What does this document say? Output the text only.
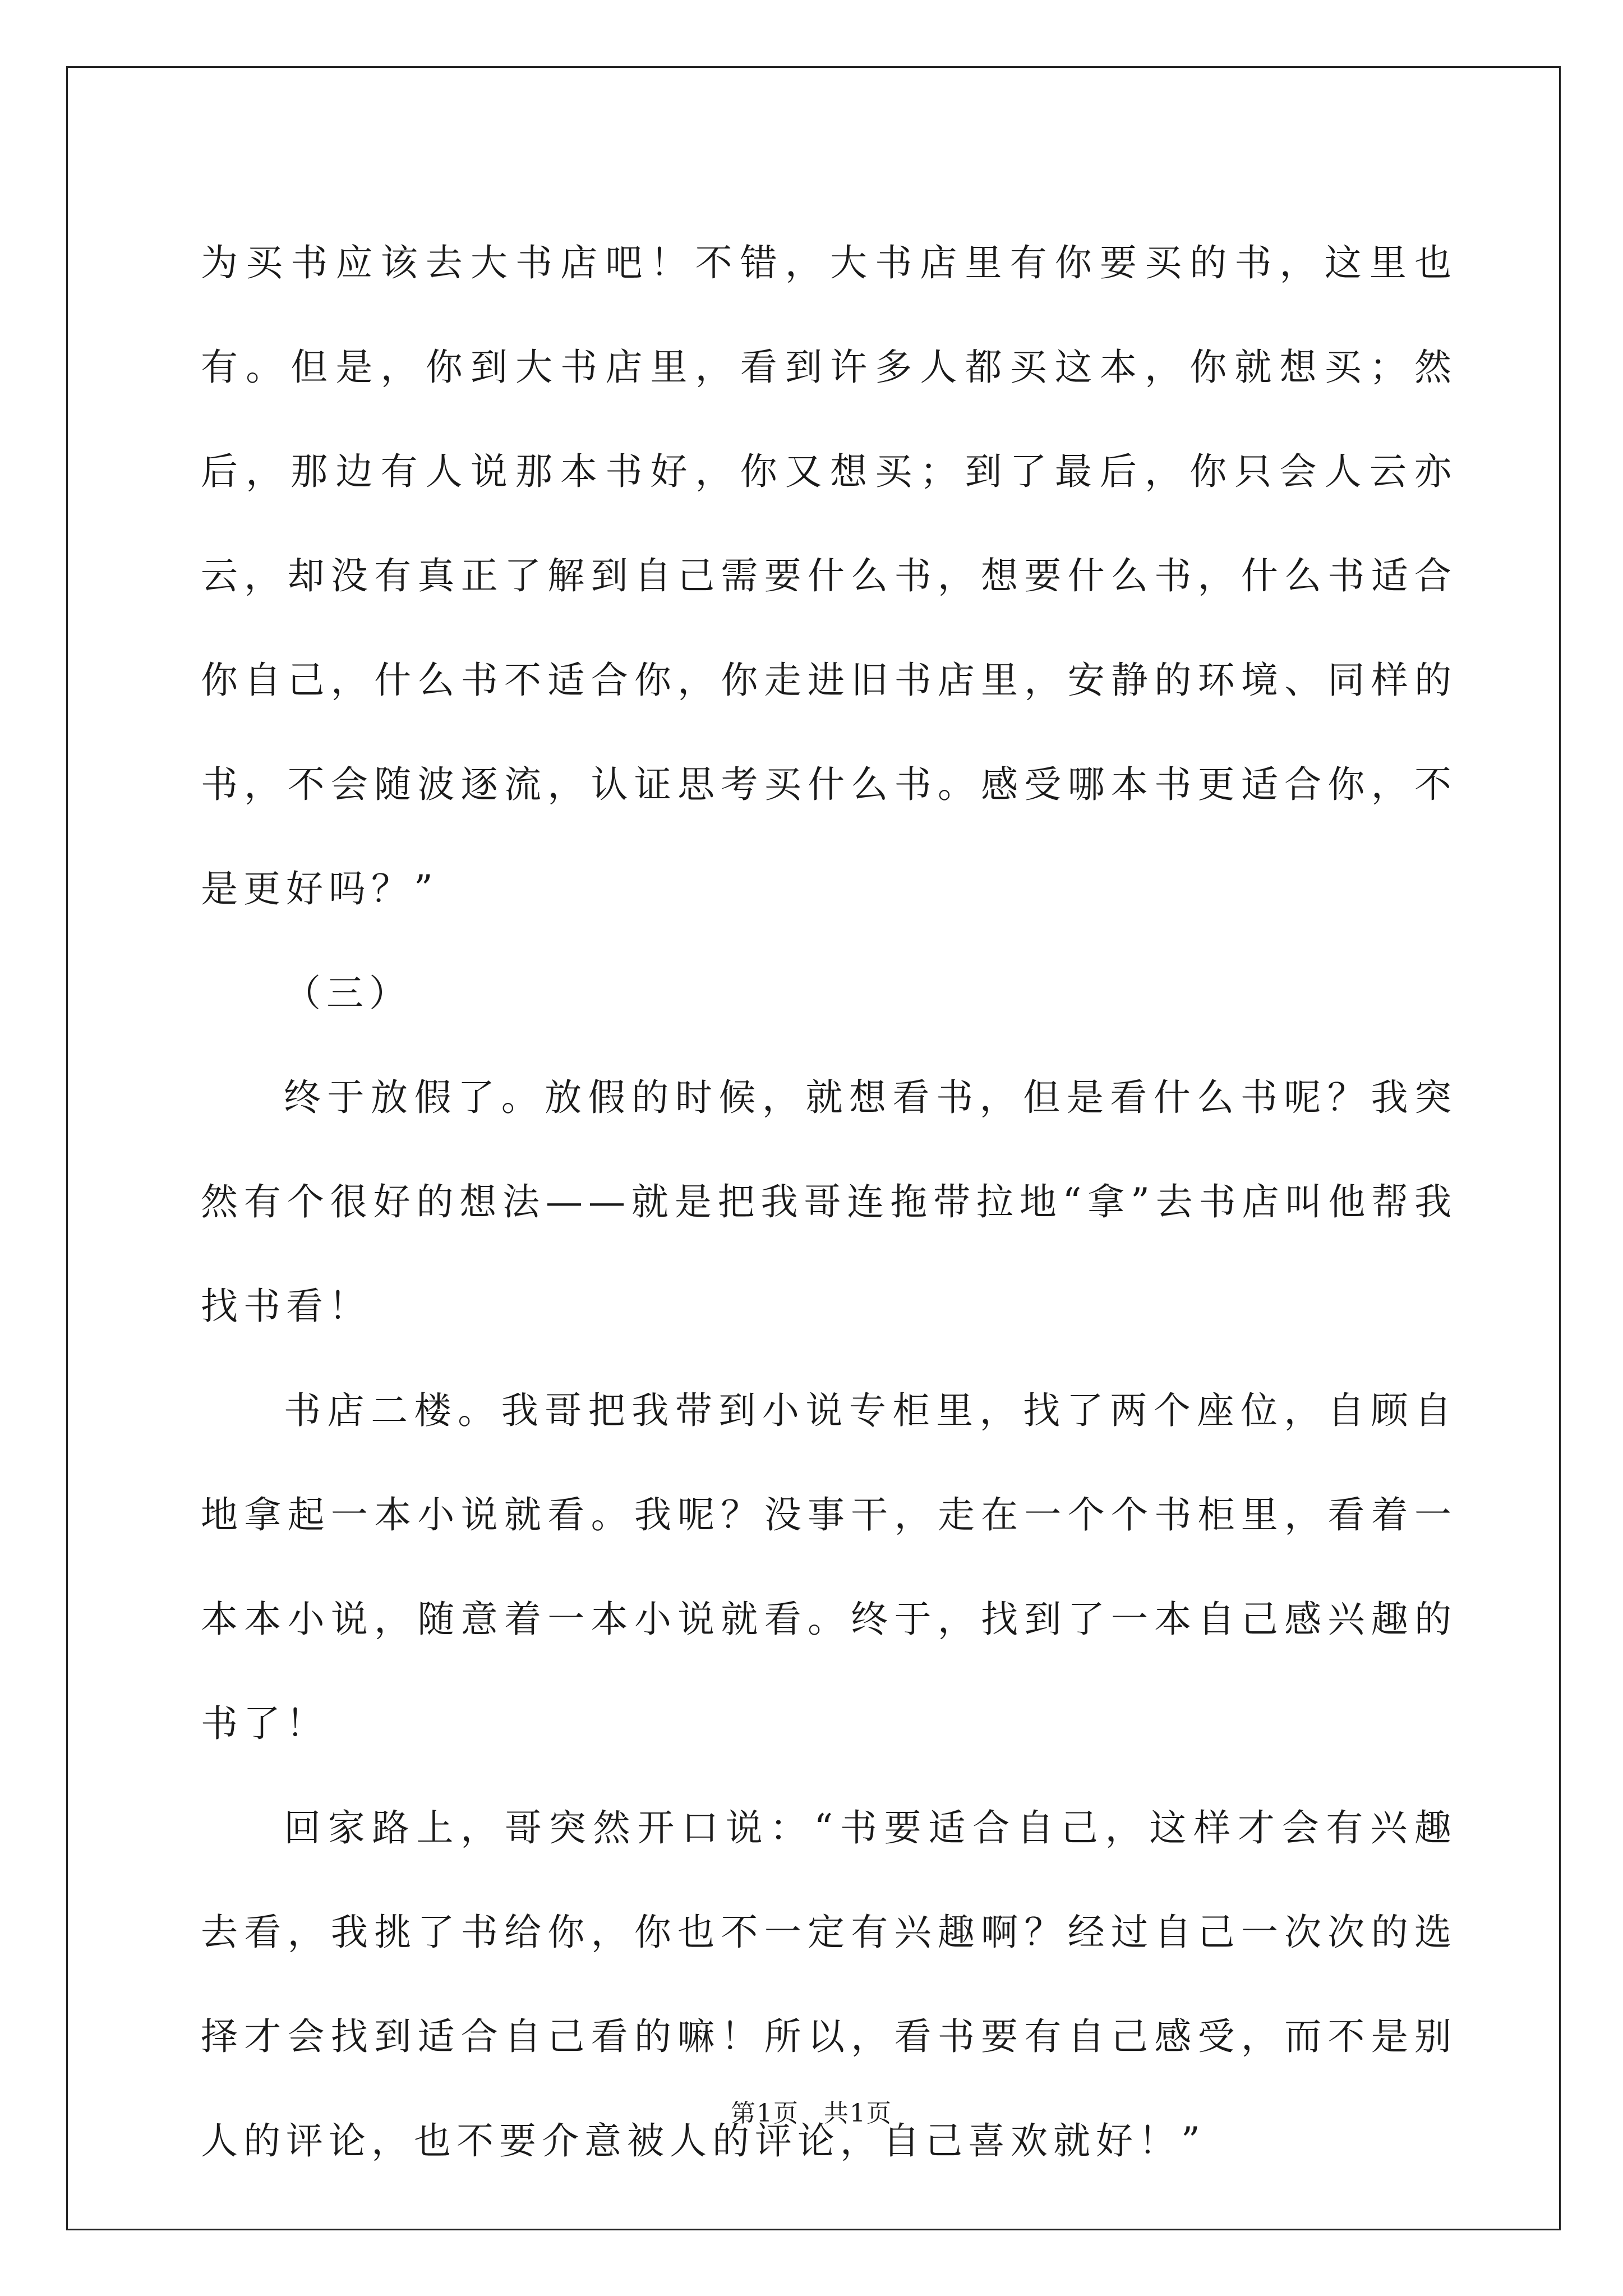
为买书应该去大书店吧！不错，大书店里有你要买的书，这里也有。但是，你到大书店里，看到许多人都买这本，你就想买；然后，那边有人说那本书好，你又想买；到了最后，你只会人云亦云，却没有真正了解到自己需要什么书，想要什么书，什么书适合你自己，什么书不适合你，你走进旧书店里，安静的环境、同样的书，不会随波逐流，认证思考买什么书。感受哪本书更适合你，不是更好吗？”

（三）

终于放假了。放假的时候，就想看书，但是看什么书呢？我突然有个很好的想法——就是把我哥连拖带拉地“拿”去书店叫他帮我找书看！

书店二楼。我哥把我带到小说专柜里，找了两个座位，自顾自地拿起一本小说就看。我呢？没事干，走在一个个书柜里，看着一本本小说，随意着一本小说就看。终于，找到了一本自己感兴趣的书了！

回家路上，哥突然开口说：“书要适合自己，这样才会有兴趣去看，我挑了书给你，你也不一定有兴趣啊？经过自己一次次的选择才会找到适合自己看的嘛！所以，看书要有自己感受，而不是别人的评论，也不要介意被人的评论，自己喜欢就好！”

第1页 共1页
